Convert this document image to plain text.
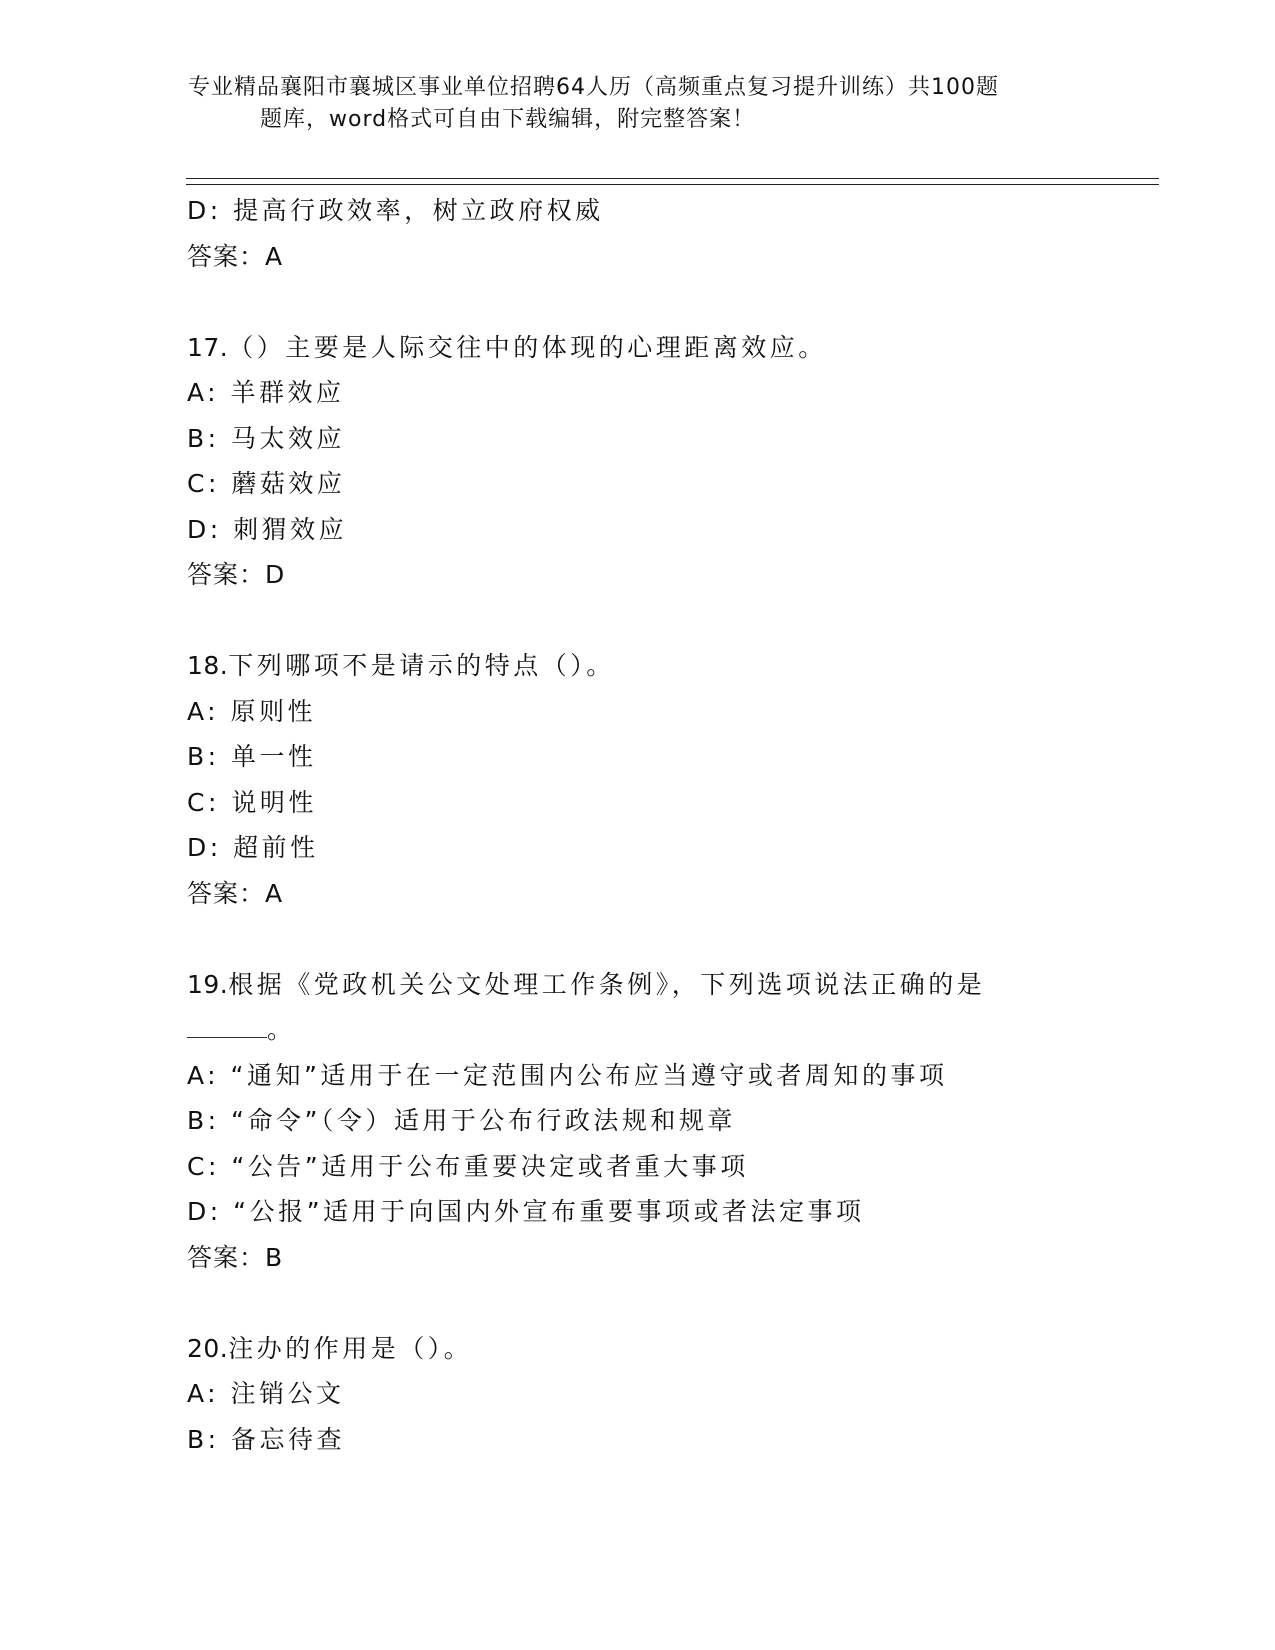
专业精品襄阳市襄城区事业单位招聘64人历（高频重点复习提升训练）共100题
题库，word格式可自由下载编辑，附完整答案！
D: 提高行政效率，树立政府权威
答案：A
17.（）主要是人际交往中的体现的心理距离效应。
A: 羊群效应
B: 马太效应
C: 蘑菇效应
D: 刺猬效应
答案：D
18.下列哪项不是请示的特点（）。
A: 原则性
B: 单一性
C: 说明性
D: 超前性
答案：A
19.根据《党政机关公文处理工作条例》，下列选项说法正确的是
。
A: “通知”适用于在一定范围内公布应当遵守或者周知的事项
B: “命令”（令）适用于公布行政法规和规章
C: “公告”适用于公布重要决定或者重大事项
D: “公报”适用于向国内外宣布重要事项或者法定事项
答案：B
20.注办的作用是（）。
A: 注销公文
B: 备忘待查
